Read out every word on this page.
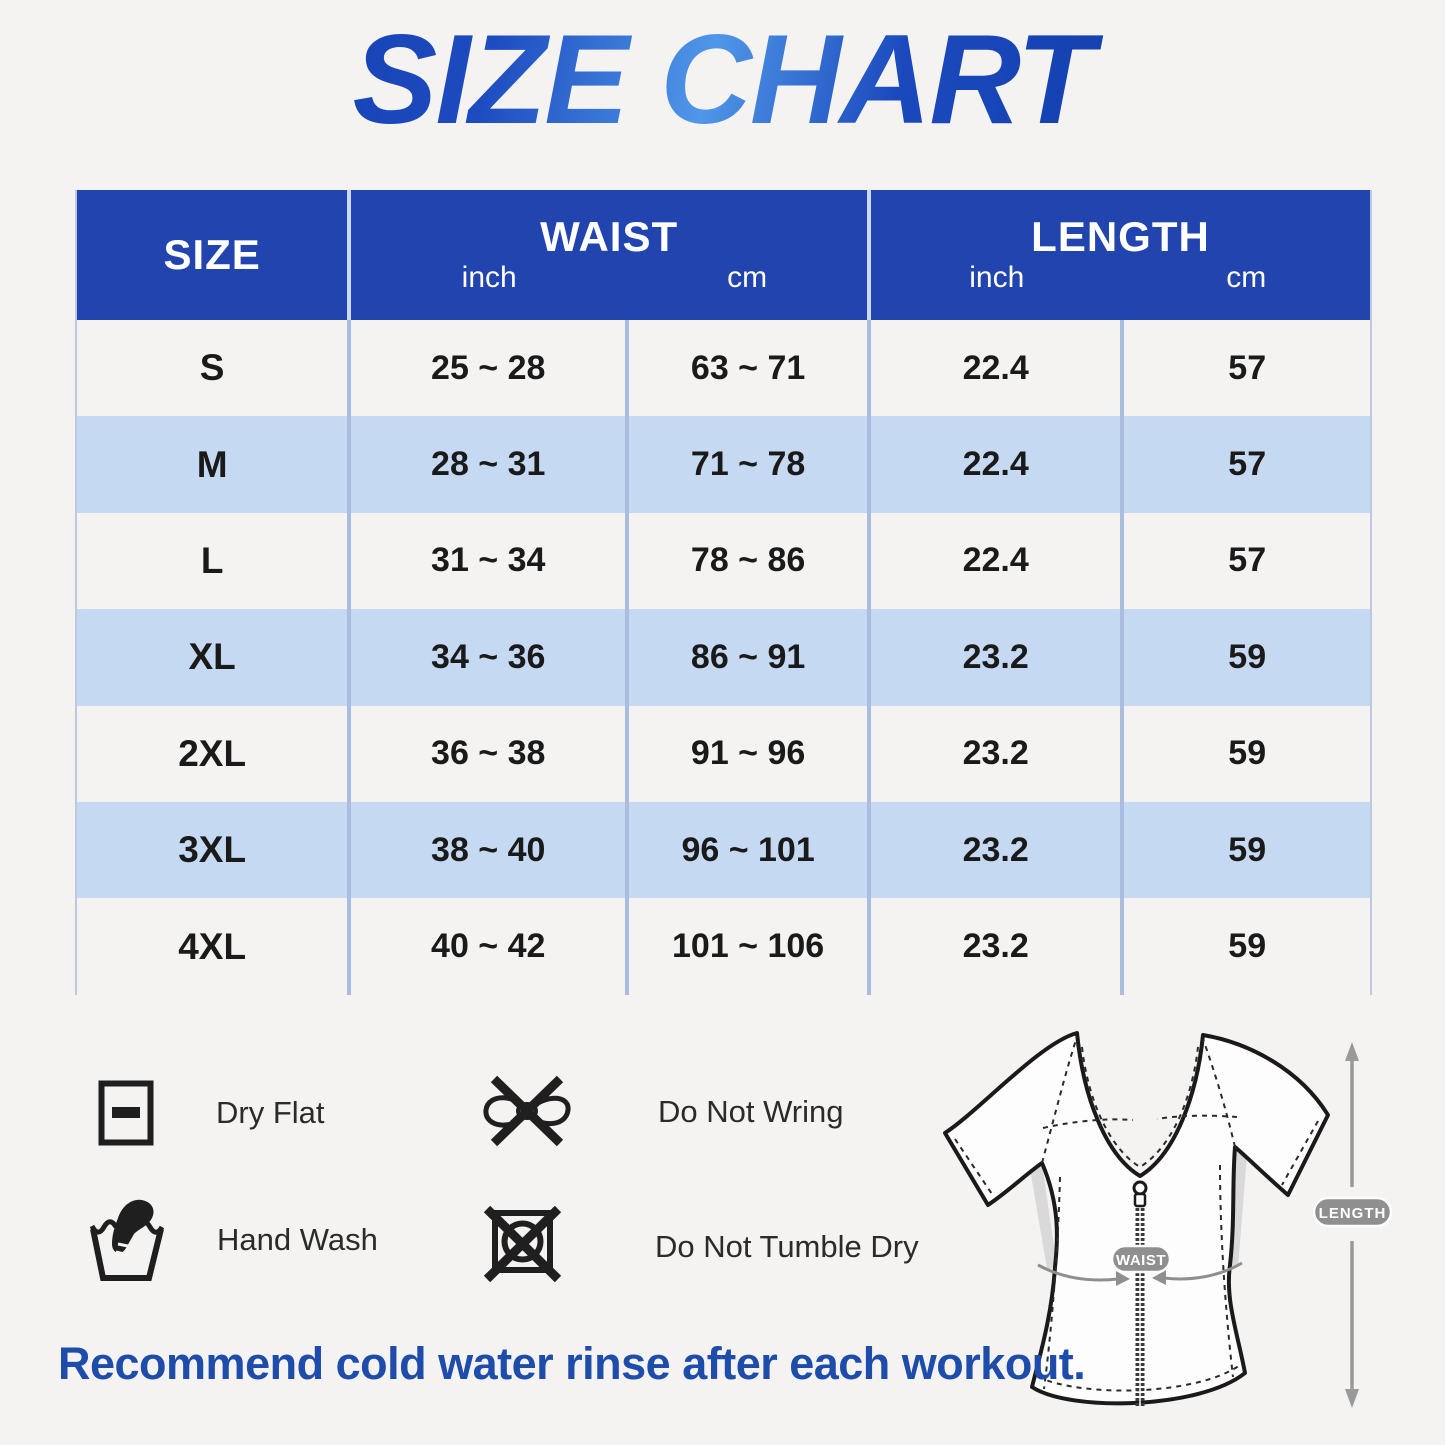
SIZE CHART
SIZE	WAIST
inch	cm
LENGTH
inch	cm
S	25 ~ 28	63 ~ 71	22.4	57
M	28 ~ 31	71 ~ 78	22.4	57
L	31 ~ 34	78 ~ 86	22.4	57
XL	34 ~ 36	86 ~ 91	23.2	59
2XL	36 ~ 38	91 ~ 96	23.2	59
3XL	38 ~ 40	96 ~ 101	23.2	59
4XL	40 ~ 42	101 ~ 106	23.2	59
Dry Flat	Do Not Wring
Hand Wash	Do Not Tumble Dry	WAIST
LENGTH
Recommend cold water rinse after each workout.
